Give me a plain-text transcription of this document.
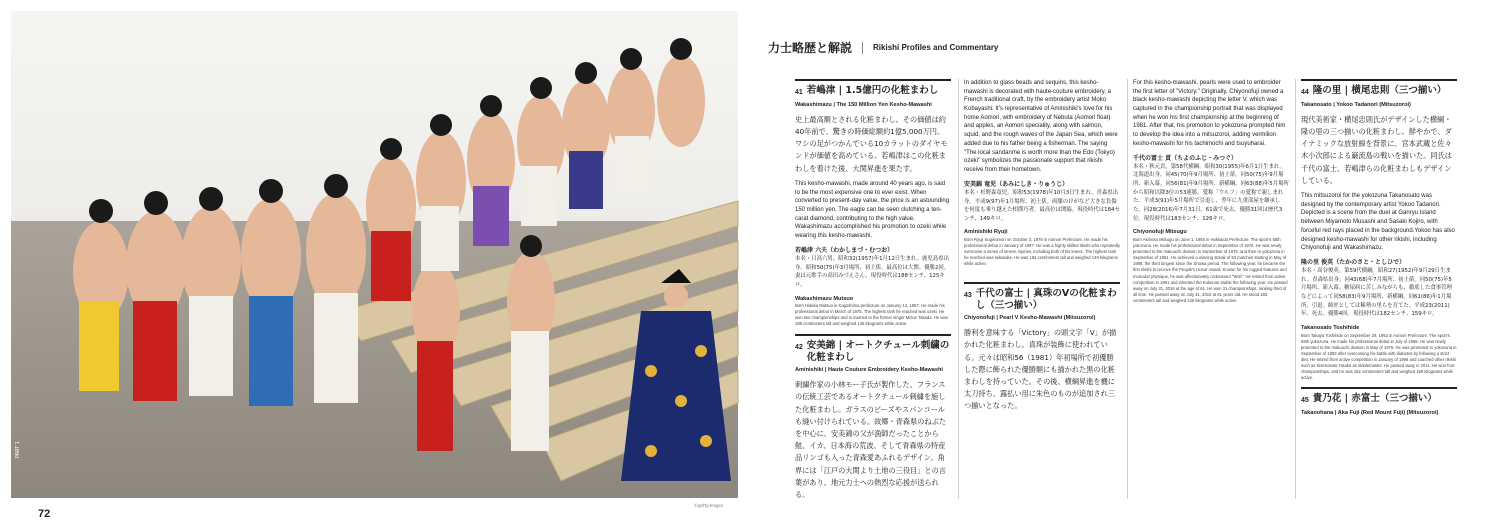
PART 1
72
©gettyimages
力士略歴と解説	Rikishi Profiles and Commentary
41 若嶋津 | 1.5億円の化粧まわし
Wakashimazu | The 150 Million Yen Kesho-Mawashi
史上最高額とされる化粧まわし。その価値は約40年前で、驚きの時価総額約1億5,000万円。ワシの足がつかんでいる10カラットのダイヤモンドが価値を高めている。若嶋津はこの化粧まわしを着けた後、大関昇進を果たす。
This kesho-mawashi, made around 40 years ago, is said to be the most expensive one to ever exist. When converted to present-day value, the price is an astounding 150 million yen. The eagle can be seen clutching a ten-carat diamond, contributing to the high value. Wakashimazu accomplished his promotion to ozeki while wearing this kesho-mawashi.
若嶋津 六夫（わかしまづ・むつお）
本名・日高六男。昭和32(1957)年1月12日生まれ。鹿児島県出身。昭和50(75)年3月場所、初土俵。最高位は大関。優勝2回。妻は元歌手の高田みづえさん。現役時代は188センチ、125キロ。
Wakashimazu Mutsuo
Born Hidaka Mutsuo in Kagoshima prefecture on January 12, 1957. He made his professional debut in March of 1975. The highest rank he reached was ozeki. He won two championships and is married to the former singer Mizue Takada. He was 188 centimeters tall and weighed 125 kilograms while active.
42 安美錦 | オートクチュール刺繍の化粧まわし
Aminishiki | Haute Couture Embroidery Kesho-Mawashi
刺繍作家の小林モー子氏が製作した、フランスの伝統工芸であるオートクチュール刺繍を施した化粧まわし。ガラスのビーズやスパンコールも縫い付けられている。故郷・青森県のねぶたを中心に、安美錦の父が漁師だったことから鮭、イカ、日本海の荒波、そして青森県の特産品リンゴも入った青森愛あふれるデザイン。角界には「江戸の大関より土地の三役目」との言葉があり、地元力士への熱烈な応援が送られる。
In addition to glass beads and sequins, this kesho-mawashi is decorated with haute-couture embroidery, a French traditional craft, by the embroidery artist Moko Kobayashi. It's representative of Aminishiki's love for his home Aomori, with embroidery of Nebuta (Aomori float) and apples, an Aomori speciality, along with salmon, squid, and the rough waves of the Japan Sea, which were added due to his father being a fisherman. The saying "The local sandanme is worth more than the Edo (Tokyo) ozeki" symbolizes the passionate support that rikishi receive from their hometown.
安美錦 竜児（あみにしき・りゅうじ）
本名・杉野森竜児。昭和53(1978)年10月3日生まれ。青森県出身。平成9(97)年1月場所、初土俵。両膝のけがなど大きな負傷を何度も乗り越えた相撲巧者。最高位は関脇。現役時代は184センチ、149キロ。
Aminishiki Ryuji
Born Ryuji Suginomori on October 3, 1978 in Aomori Prefecture. He made his professional debut in January of 1997. He was a highly skilled rikishi who repeatedly overcame a series of severe injuries, including both of his knees. The highest rank he reached was sekiwake. He was 184 centimeters tall and weighed 149 kilograms while active.
43 千代の富士 | 真珠のVの化粧まわし（三つ揃い）
Chiyonofuji | Pearl V Kesho-Mawashi (Mitsuzoroi)
勝利を意味する「Victory」の頭文字「V」が描かれた化粧まわし。真珠が装飾に使われている。元々は昭和56（1981）年初場所で初優勝した際に飾られた優勝額にも描かれた黒の化粧まわしを持っていた。その後、横綱昇進を機に太刀持ち、露払い用に朱色のものが追加され三つ揃いとなった。
For this kesho-mawashi, pearls were used to embroider the first letter of "Victory." Originally, Chiyonofuji owned a black kesho-mawashi depicting the letter V, which was captured in the championship portrait that was displayed when he won his first championship at the beginning of 1981. After that, his promotion to yokozuna prompted him to develop the idea into a mitsuzoroi, adding vermilion kesho-mawashi for his tachimochi and tsuyuharai.
千代の富士 貢（ちよのふじ・みつぐ）
本名・秋元貢。第58代横綱。昭和30(1955)年6月1日生まれ。北海道出身。同45(70)年9月場所、初土俵。同50(75)年9月場所、新入幕。同56(81)年9月場所、新横綱。同63(88)年5月場所から昭和以降3位の53連勝。愛称「ウルフ」の愛称で親しまれた。平成3(91)年5月場所で引退し、翌年に九重部屋を継承した。同28(2016)年7月31日、61歳で死去。優勝31回は歴代3位。現役時代は183センチ、126キロ。
Chiyonofuji Mitsugu
Born Akimoto Mitsugu on June 1, 1955 in Hokkaido Prefecture. The sport's 58th yokozuna. He made his professional debut in September of 1970. He was newly promoted to the makuuchi division in September of 1975, and then to yokozuna in September of 1981. He achieved a winning streak of 53 matches starting in May of 1988, the third longest since the Showa period. The following year, he became the first rikishi to receive the People's Honor Award. Known for his rugged features and muscular physique, he was affectionately nicknamed "Wolf." He retired from active competition in 1991 and inherited the Kokonoe stable the following year. He passed away on July 31, 2016 at the age of 61. He won 31 championships, ranking third of all time. He passed away on July 31, 2016 at 61 years old. He stood 183 centimeters tall and weighed 126 kilograms while active.
44 隆の里 | 横尾忠則（三つ揃い）
Takanosato | Yokoo Tadanori (Mitsuzoroi)
現代美術家・横尾忠則氏がデザインした横綱・隆の里の三つ揃いの化粧まわし。鮮やかで、ダイナミックな放射線を背景に、宮本武蔵と佐々木小次郎による巌流島の戦いを描いた。同氏は千代の富士、若嶋津らの化粧まわしもデザインしている。
This mitsuzoroi for the yokozuna Takanosato was designed by the contemporary artist Yokoo Tadanori. Depicted is a scene from the duel at Ganryu Island between Miyamoto Musashi and Sasaki Kojiro, with forceful red rays placed in the background.Yokoo has also designed kesho-mawashi for other rikishi, including Chiyonofuji and Wakashimazu.
隆の里 俊英（たかのさと・としひで）
本名・高谷俊英。第59代横綱。昭和27(1952)年9月29日生まれ。青森県出身。同43(68)年7月場所、初土俵。同50(75)年5月場所、新入幕。糖尿病に苦しみながらも、徹底した食事管理などによって同58(83)年9月場所、新横綱。同61(86)年1月場所、引退。師匠としては稀勢の里らを育てた。平成23(2011)年、死去。優勝4回。現役時代は182センチ、159キロ。
Takanosato Toshihide
Born Takaya Toshihide on September 29, 1952 in Aomori Prefecture. The sport's 59th yokozuna. He made his professional debut in July of 1968. He was newly promoted to the makuuchi division in May of 1975. He was promoted to yokozuna in September of 1983 after overcoming his battle with diabetes by following a strict diet. He retired from active competition in January of 1986 and coached other rikishi such as Kisenosato Yutaka as stablemaster. He passed away in 2011. He won four championships, and he was 182 centimeters tall and weighed 159 kilograms while active.
45 貴乃花 | 赤富士（三つ揃い）
Takanohana | Aka Fuji (Red Mount Fuji) (Mitsuzoroi)
